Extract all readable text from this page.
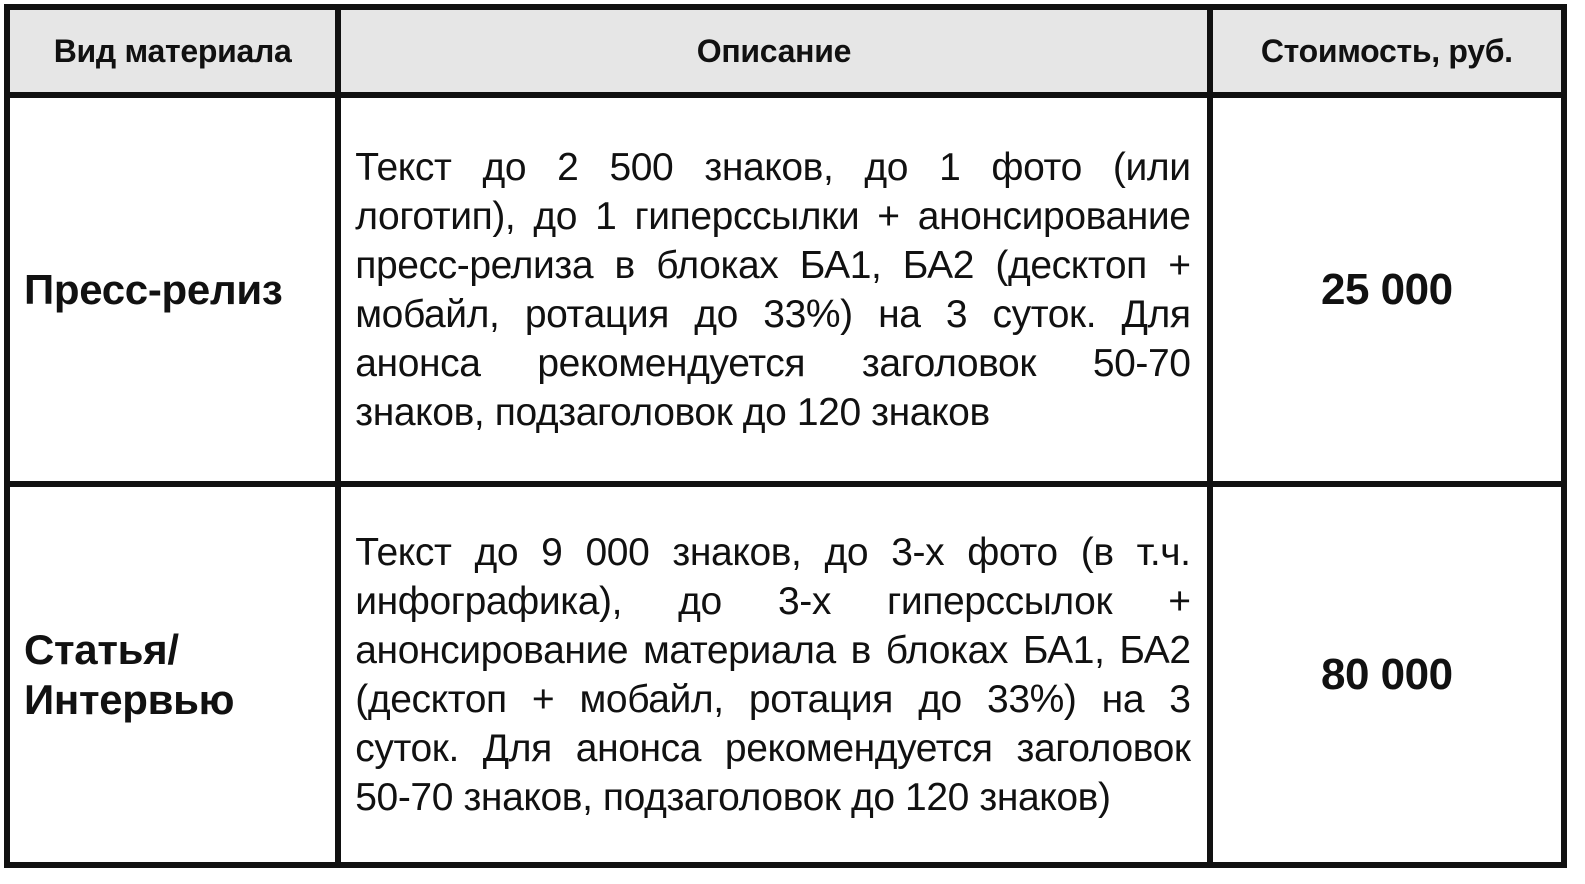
Вид материала	Описание	Стоимость, руб.
Пресс-релиз	Текст до 2 500 знаков, до 1 фото (или логотип), до 1 гиперссылки + анонсирование пресс-релиза в блоках БА1, БА2 (десктоп + мобайл, ротация до 33%) на 3 суток. Для анонса рекомендуется заголовок 50-70 знаков, подзаголовок до 120 знаков	25 000
Статья/ Интервью	Текст до 9 000 знаков, до 3-х фото (в т.ч. инфографика), до 3-х гиперссылок + анонсирование материала в блоках БА1, БА2 (десктоп + мобайл, ротация до 33%) на 3 суток. Для анонса рекомендуется заголовок 50-70 знаков, подзаголовок до 120 знаков)	80 000
